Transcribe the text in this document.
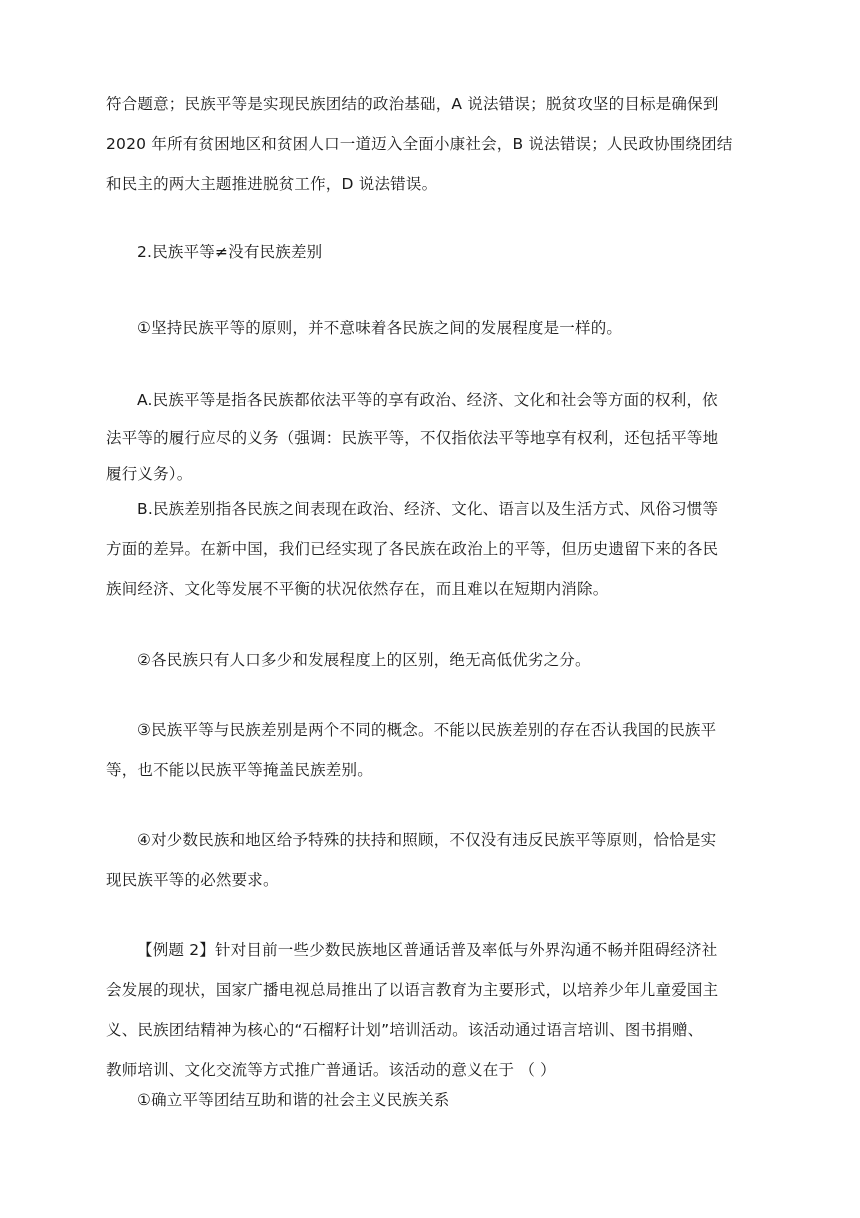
符合题意；民族平等是实现民族团结的政治基础，A 说法错误；脱贫攻坚的目标是确保到
2020 年所有贫困地区和贫困人口一道迈入全面小康社会，B 说法错误；人民政协围绕团结
和民主的两大主题推进脱贫工作，D 说法错误。

2.民族平等≠没有民族差别

①坚持民族平等的原则，并不意味着各民族之间的发展程度是一样的。

A.民族平等是指各民族都依法平等的享有政治、经济、文化和社会等方面的权利，依
法平等的履行应尽的义务（强调：民族平等，不仅指依法平等地享有权利，还包括平等地
履行义务）。

B.民族差别指各民族之间表现在政治、经济、文化、语言以及生活方式、风俗习惯等
方面的差异。在新中国，我们已经实现了各民族在政治上的平等，但历史遗留下来的各民
族间经济、文化等发展不平衡的状况依然存在，而且难以在短期内消除。

②各民族只有人口多少和发展程度上的区别，绝无高低优劣之分。

③民族平等与民族差别是两个不同的概念。不能以民族差别的存在否认我国的民族平
等，也不能以民族平等掩盖民族差别。

④对少数民族和地区给予特殊的扶持和照顾，不仅没有违反民族平等原则，恰恰是实
现民族平等的必然要求。

【例题 2】针对目前一些少数民族地区普通话普及率低与外界沟通不畅并阻碍经济社
会发展的现状，国家广播电视总局推出了以语言教育为主要形式，以培养少年儿童爱国主
义、民族团结精神为核心的“石榴籽计划”培训活动。该活动通过语言培训、图书捐赠、
教师培训、文化交流等方式推广普通话。该活动的意义在于 （ ）

①确立平等团结互助和谐的社会主义民族关系
